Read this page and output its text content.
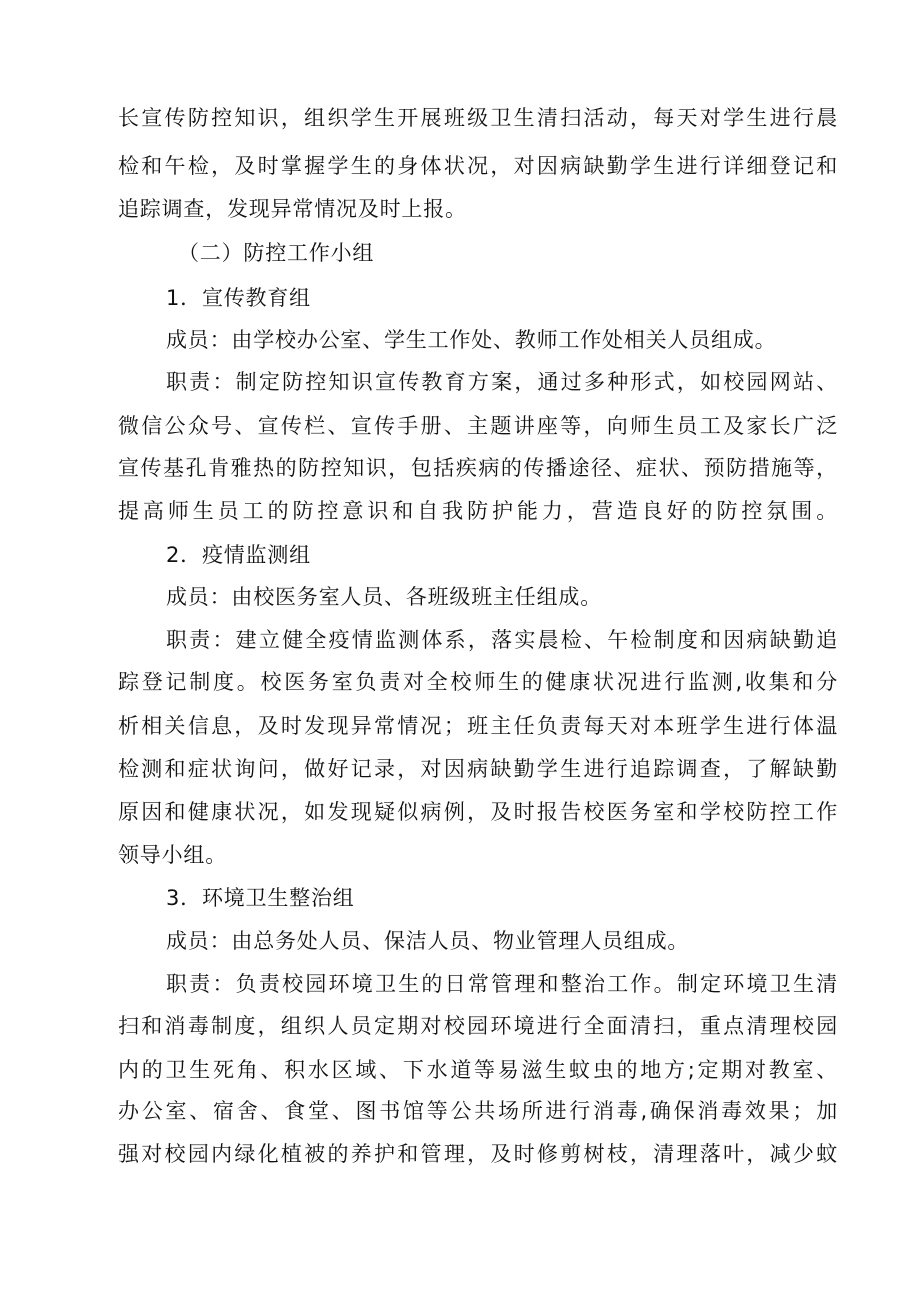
长宣传防控知识，组织学生开展班级卫生清扫活动，每天对学生进行晨
检和午检，及时掌握学生的身体状况，对因病缺勤学生进行详细登记和
追踪调查，发现异常情况及时上报。
（二）防控工作小组
1．宣传教育组
成员：由学校办公室、学生工作处、教师工作处相关人员组成。
职责：制定防控知识宣传教育方案，通过多种形式，如校园网站、
微信公众号、宣传栏、宣传手册、主题讲座等，向师生员工及家长广泛
宣传基孔肯雅热的防控知识，包括疾病的传播途径、症状、预防措施等，
提高师生员工的防控意识和自我防护能力，营造良好的防控氛围。
2．疫情监测组
成员：由校医务室人员、各班级班主任组成。
职责：建立健全疫情监测体系，落实晨检、午检制度和因病缺勤追
踪登记制度。校医务室负责对全校师生的健康状况进行监测,收集和分
析相关信息，及时发现异常情况；班主任负责每天对本班学生进行体温
检测和症状询问，做好记录，对因病缺勤学生进行追踪调查，了解缺勤
原因和健康状况，如发现疑似病例，及时报告校医务室和学校防控工作
领导小组。
3．环境卫生整治组
成员：由总务处人员、保洁人员、物业管理人员组成。
职责：负责校园环境卫生的日常管理和整治工作。制定环境卫生清
扫和消毒制度，组织人员定期对校园环境进行全面清扫，重点清理校园
内的卫生死角、积水区域、下水道等易滋生蚊虫的地方;定期对教室、
办公室、宿舍、食堂、图书馆等公共场所进行消毒,确保消毒效果；加
强对校园内绿化植被的养护和管理，及时修剪树枝，清理落叶，减少蚊
